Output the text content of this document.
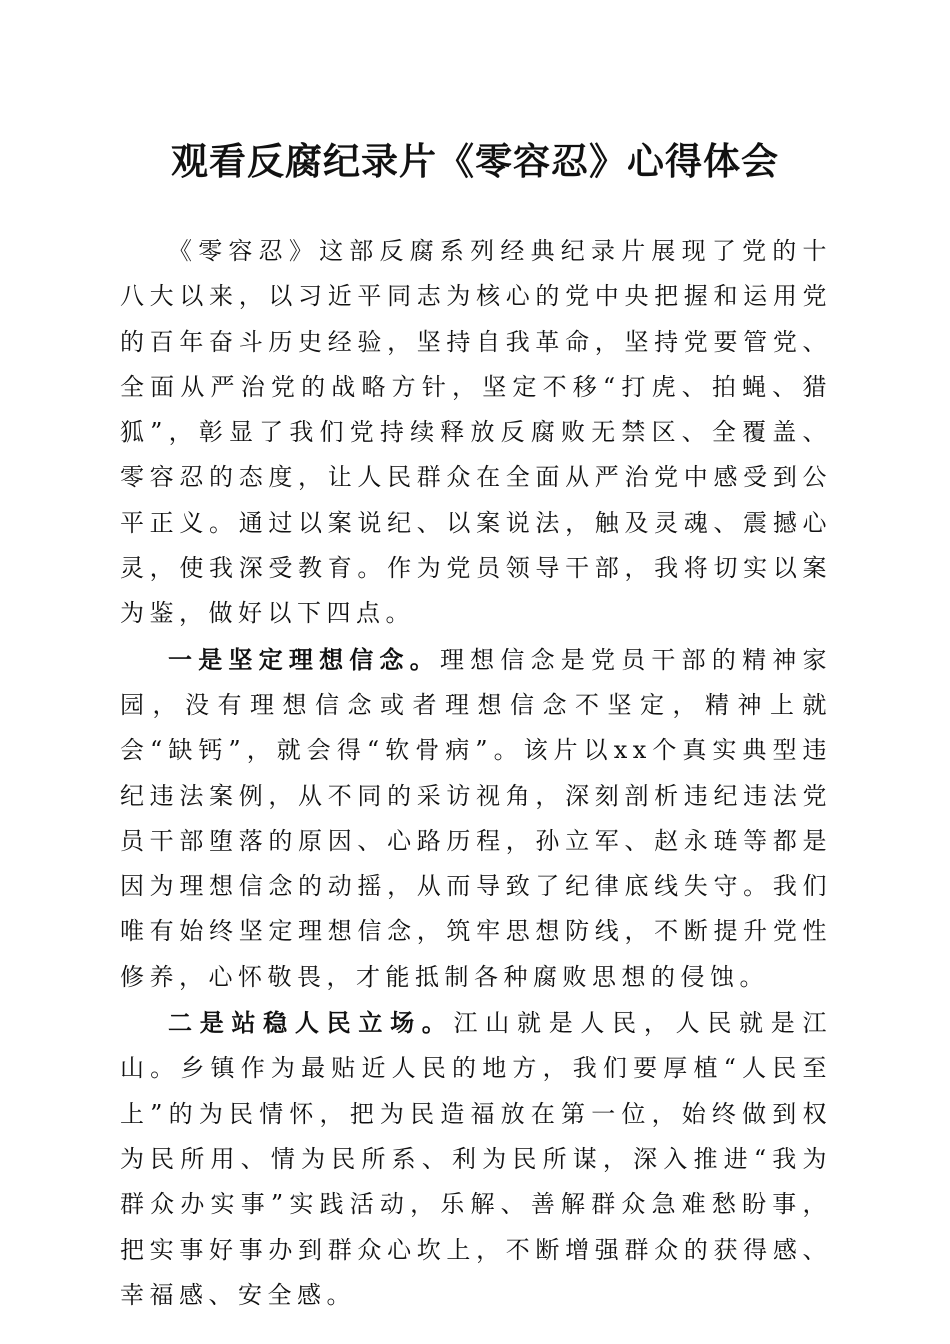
观看反腐纪录片《零容忍》心得体会

《零容忍》这部反腐系列经典纪录片展现了党的十八大以来，以习近平同志为核心的党中央把握和运用党的百年奋斗历史经验，坚持自我革命，坚持党要管党、全面从严治党的战略方针，坚定不移“打虎、拍蝇、猎狐”，彰显了我们党持续释放反腐败无禁区、全覆盖、零容忍的态度，让人民群众在全面从严治党中感受到公平正义。通过以案说纪、以案说法，触及灵魂、震撼心灵，使我深受教育。作为党员领导干部，我将切实以案为鉴，做好以下四点。

一是坚定理想信念。理想信念是党员干部的精神家园，没有理想信念或者理想信念不坚定，精神上就会“缺钙”，就会得“软骨病”。该片以xx个真实典型违纪违法案例，从不同的采访视角，深刻剖析违纪违法党员干部堕落的原因、心路历程，孙立军、赵永琏等都是因为理想信念的动摇，从而导致了纪律底线失守。我们唯有始终坚定理想信念，筑牢思想防线，不断提升党性修养，心怀敬畏，才能抵制各种腐败思想的侵蚀。

二是站稳人民立场。江山就是人民，人民就是江山。乡镇作为最贴近人民的地方，我们要厚植“人民至上”的为民情怀，把为民造福放在第一位，始终做到权为民所用、情为民所系、利为民所谋，深入推进“我为群众办实事”实践活动，乐解、善解群众急难愁盼事，把实事好事办到群众心坎上，不断增强群众的获得感、幸福感、安全感。
